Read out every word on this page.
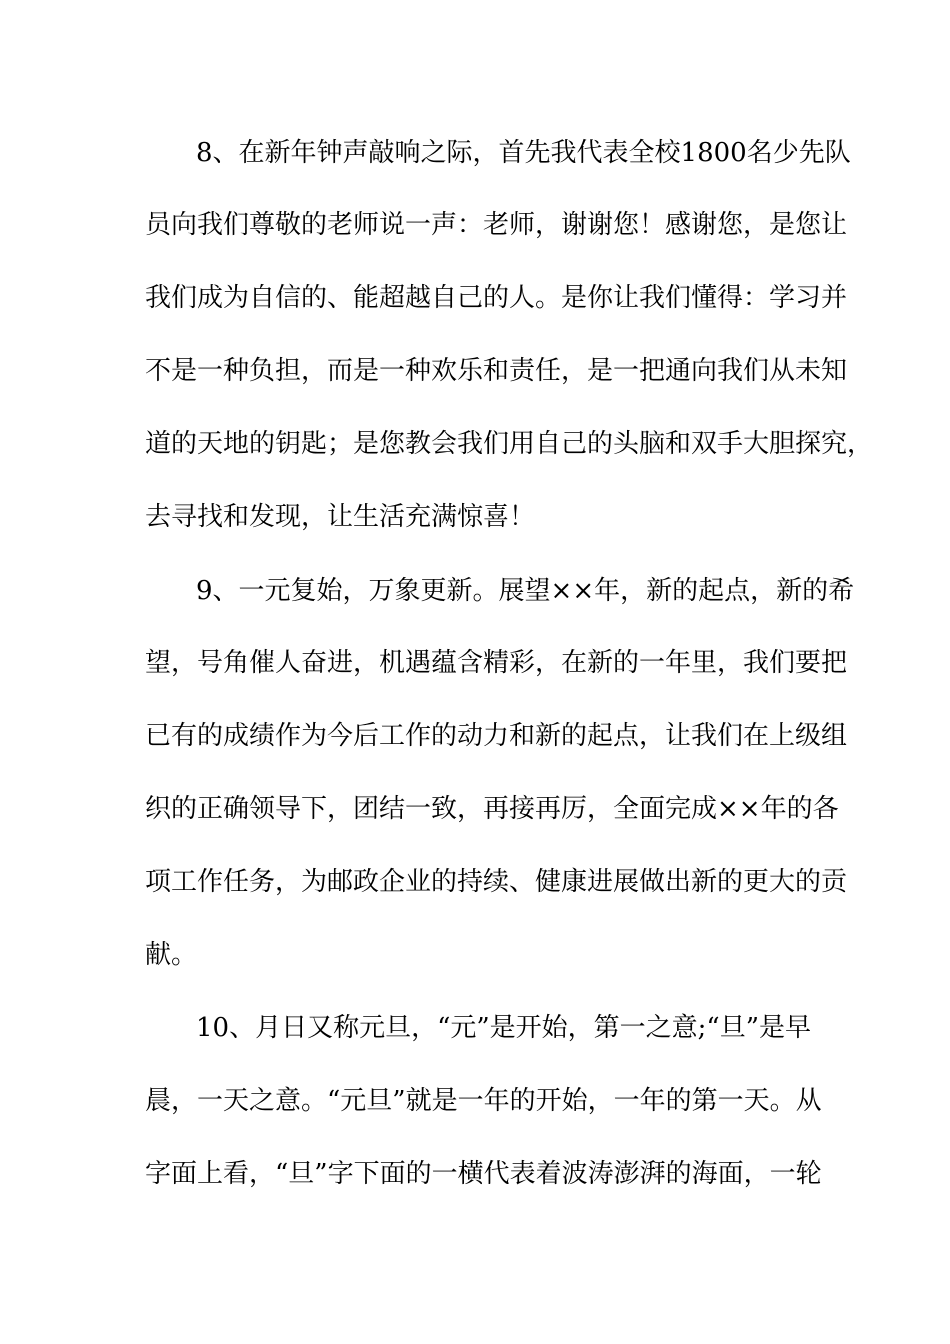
8、在新年钟声敲响之际，首先我代表全校1800名少先队

员向我们尊敬的老师说一声：老师，谢谢您！感谢您，是您让

我们成为自信的、能超越自己的人。是你让我们懂得：学习并

不是一种负担，而是一种欢乐和责任，是一把通向我们从未知

道的天地的钥匙；是您教会我们用自己的头脑和双手大胆探究，

去寻找和发现，让生活充满惊喜！

9、一元复始，万象更新。展望××年，新的起点，新的希

望，号角催人奋进，机遇蕴含精彩，在新的一年里，我们要把

已有的成绩作为今后工作的动力和新的起点，让我们在上级组

织的正确领导下，团结一致，再接再厉，全面完成××年的各

项工作任务，为邮政企业的持续、健康进展做出新的更大的贡

献。

10、月日又称元旦，“元”是开始，第一之意;“旦”是早

晨，一天之意。“元旦”就是一年的开始，一年的第一天。从

字面上看，“旦”字下面的一横代表着波涛澎湃的海面，一轮
